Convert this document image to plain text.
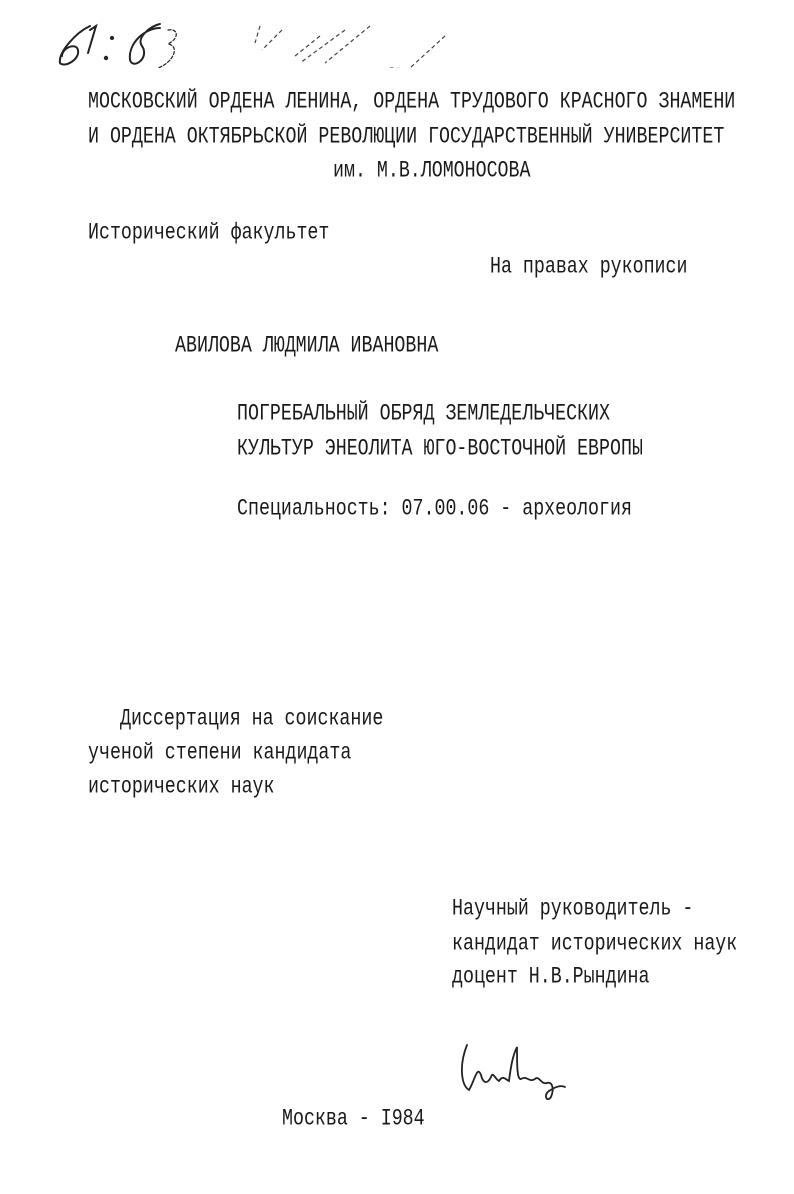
МОСКОВСКИЙ ОРДЕНА ЛЕНИНА, ОРДЕНА ТРУДОВОГО КРАСНОГО ЗНАМЕНИ
И ОРДЕНА ОКТЯБРЬСКОЙ РЕВОЛЮЦИИ ГОСУДАРСТВЕННЫЙ УНИВЕРСИТЕТ
им. М.В.ЛОМОНОСОВА
Исторический факультет
На правах рукописи
АВИЛОВА ЛЮДМИЛА ИВАНОВНА
ПОГРЕБАЛЬНЫЙ ОБРЯД ЗЕМЛЕДЕЛЬЧЕСКИХ
КУЛЬТУР ЭНЕОЛИТА ЮГО-ВОСТОЧНОЙ ЕВРОПЫ
Специальность: 07.00.06 - археология
Диссертация на соискание
ученой степени кандидата
исторических наук
Научный руководитель -
кандидат исторических наук
доцент Н.В.Рындина
Москва - I984
